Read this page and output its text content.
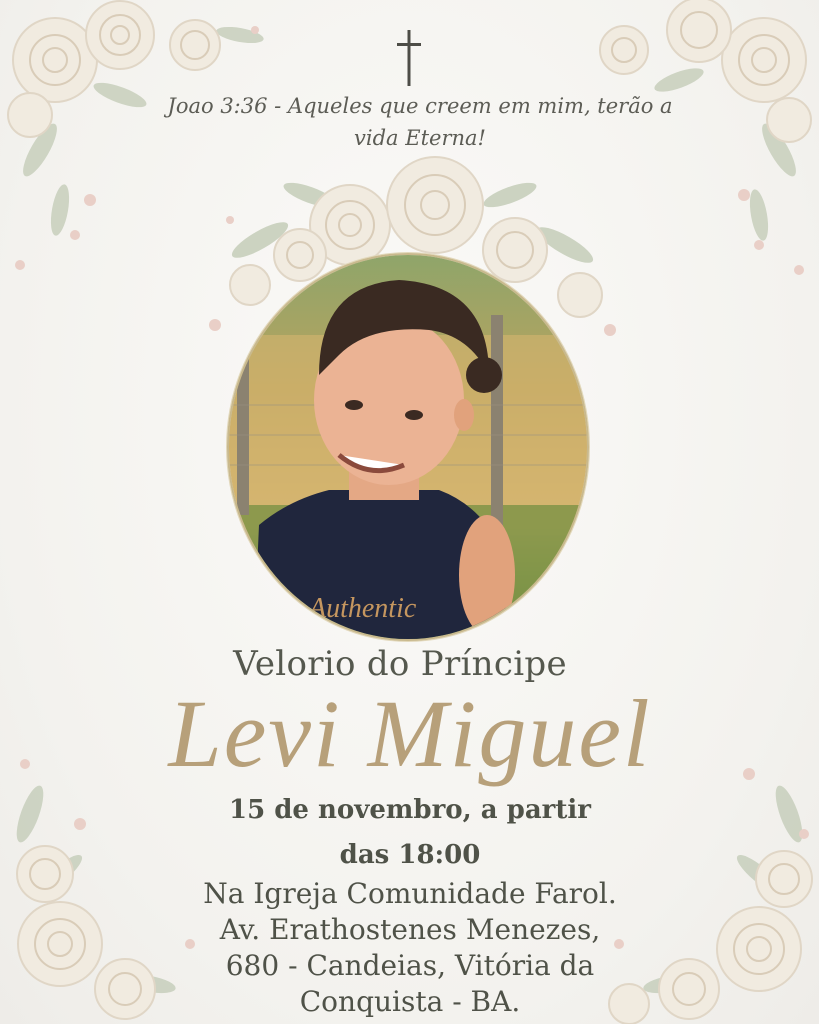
Joao 3:36 - Aqueles que creem em mim, terão a
vida Eterna!
Authentic
Velorio do Príncipe
Levi Miguel
15 de novembro, a partir
das 18:00
Na Igreja Comunidade Farol.
Av. Erathostenes Menezes,
680 - Candeias, Vitória da
Conquista - BA.
